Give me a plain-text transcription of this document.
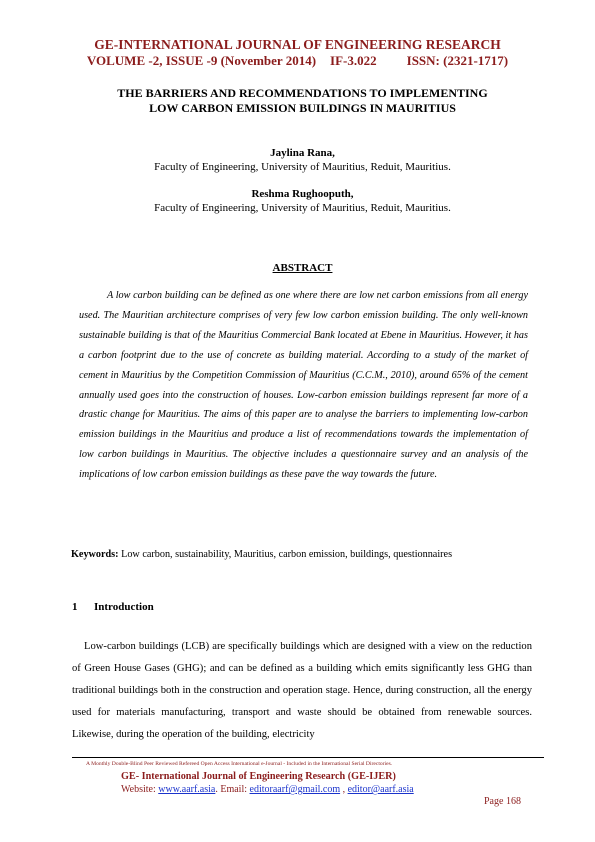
GE-INTERNATIONAL JOURNAL OF ENGINEERING RESEARCH
VOLUME -2, ISSUE -9 (November 2014) IF-3.022 ISSN: (2321-1717)
THE BARRIERS AND RECOMMENDATIONS TO IMPLEMENTING
LOW CARBON EMISSION BUILDINGS IN MAURITIUS
Jaylina Rana,
Faculty of Engineering, University of Mauritius, Reduit, Mauritius.
Reshma Rughooputh,
Faculty of Engineering, University of Mauritius, Reduit, Mauritius.
ABSTRACT
A low carbon building can be defined as one where there are low net carbon emissions from all energy used. The Mauritian architecture comprises of very few low carbon emission building. The only well-known sustainable building is that of the Mauritius Commercial Bank located at Ebene in Mauritius. However, it has a carbon footprint due to the use of concrete as building material. According to a study of the market of cement in Mauritius by the Competition Commission of Mauritius (C.C.M., 2010), around 65% of the cement annually used goes into the construction of houses. Low-carbon emission buildings represent far more of a drastic change for Mauritius. The aims of this paper are to analyse the barriers to implementing low-carbon emission buildings in the Mauritius and produce a list of recommendations towards the implementation of low carbon buildings in Mauritius. The objective includes a questionnaire survey and an analysis of the implications of low carbon emission buildings as these pave the way towards the future.
Keywords: Low carbon, sustainability, Mauritius, carbon emission, buildings, questionnaires
1 Introduction
Low-carbon buildings (LCB) are specifically buildings which are designed with a view on the reduction of Green House Gases (GHG); and can be defined as a building which emits significantly less GHG than traditional buildings both in the construction and operation stage. Hence, during construction, all the energy used for materials manufacturing, transport and waste should be obtained from renewable sources. Likewise, during the operation of the building, electricity
A Monthly Double-Blind Peer Reviewed Refereed Open Access International e-Journal - Included in the International Serial Directories.
GE- International Journal of Engineering Research (GE-IJER)
Website: www.aarf.asia. Email: editoraarf@gmail.com , editor@aarf.asia
Page 168
